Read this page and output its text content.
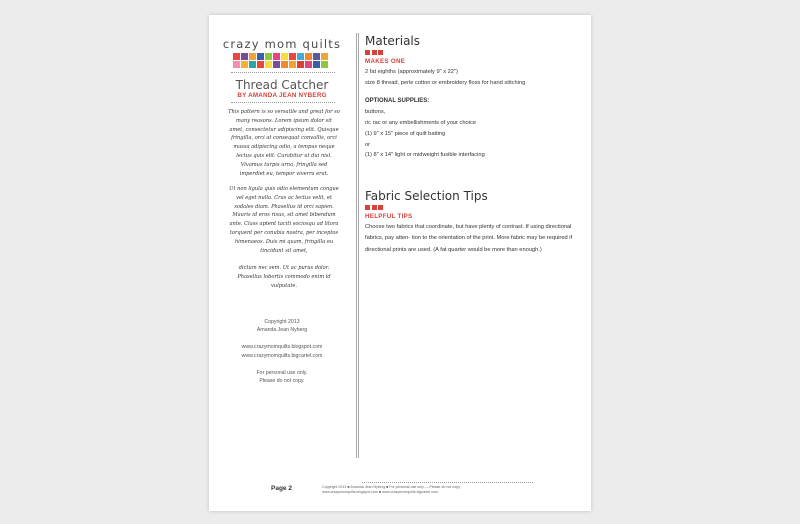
crazy mom quilts
Thread Catcher
BY AMANDA JEAN NYBERG
This pattern is so versatile and great for so many reasons. Lorem ipsum dolor sit amet, consectetur adipiscing elit. Quisque fringilla, orci at consequat convallis, orci massa adipiscing odio, a tempus neque lectus quis elit. Curabitur ut dui nisl. Vivamus turpis urna, fringilla sed imperdiet eu, tempor viverra erat.
Ut non ligula quis odio elementum congue vel eget nulla. Cras ac lectus velit, et sodales diam. Phasellus id orci sapien. Mauris id eros risus, sit amet bibendum ante. Class aptent taciti sociosqu ad litora torquent per conubia nostra, per inceptos himenaeos. Duis mi quam, fringilla eu tincidunt sit amet,
dictum nec sem. Ut ac purus dolor. Phasellus lobortis commodo enim id vulputate.
Copyright 2013
Amanda Jean Nyberg
www.crazymomquilts.blogspot.com
www.crazymomquilts.bigcartel.com
For personal use only.
Please do not copy.
Materials
MAKES ONE
2 fat eighths (approximately 9" x 22")
size 8 thread, perle cotton or embroidery floss for hand stitching
OPTIONAL SUPPLIES:
buttons,
ric rac or any embellishments of your choice
(1) 9" x 15" piece of quilt batting
or
(1) 8" x 14" light or midweight fusible interfacing
Fabric Selection Tips
HELPFUL TIPS
Choose two fabrics that coordinate, but have plenty of contrast. If using directional fabrics, pay atten- tion to the orientation of the print. More fabric may be required if directional prints are used. (A fat quarter would be more than enough.)
Page 2	Copyright 2013 ■ Amanda Jean Nyberg ■ For personal use only — Please do not copy
www.crazymomquilts.blogspot.com ■ www.crazymomquilts.bigcartel.com
